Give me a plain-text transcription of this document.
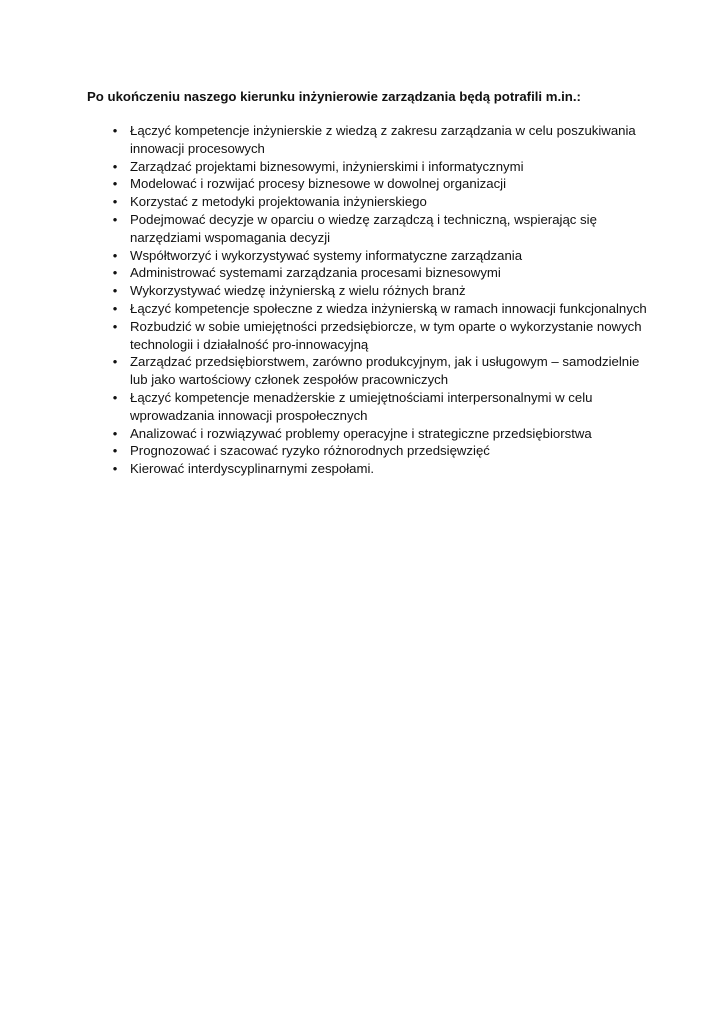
Po ukończeniu naszego kierunku inżynierowie zarządzania będą potrafili m.in.:

• Łączyć kompetencje inżynierskie z wiedzą z zakresu zarządzania w celu poszukiwania innowacji procesowych
• Zarządzać projektami biznesowymi, inżynierskimi i informatycznymi
• Modelować i rozwijać procesy biznesowe w dowolnej organizacji
• Korzystać z metodyki projektowania inżynierskiego
• Podejmować decyzje w oparciu o wiedzę zarządczą i techniczną, wspierając się narzędziami wspomagania decyzji
• Współtworzyć i wykorzystywać systemy informatyczne zarządzania
• Administrować systemami zarządzania procesami biznesowymi
• Wykorzystywać wiedzę inżynierską z wielu różnych branż
• Łączyć kompetencje społeczne z wiedza inżynierską w ramach innowacji funkcjonalnych
• Rozbudzić w sobie umiejętności przedsiębiorcze, w tym oparte o wykorzystanie nowych technologii i działalność pro-innowacyjną
• Zarządzać przedsiębiorstwem, zarówno produkcyjnym, jak i usługowym – samodzielnie lub jako wartościowy członek zespołów pracowniczych
• Łączyć kompetencje menadżerskie z umiejętnościami interpersonalnymi w celu wprowadzania innowacji prospołecznych
• Analizować i rozwiązywać problemy operacyjne i strategiczne przedsiębiorstwa
• Prognozować i szacować ryzyko różnorodnych przedsięwzięć
• Kierować interdyscyplinarnymi zespołami.
